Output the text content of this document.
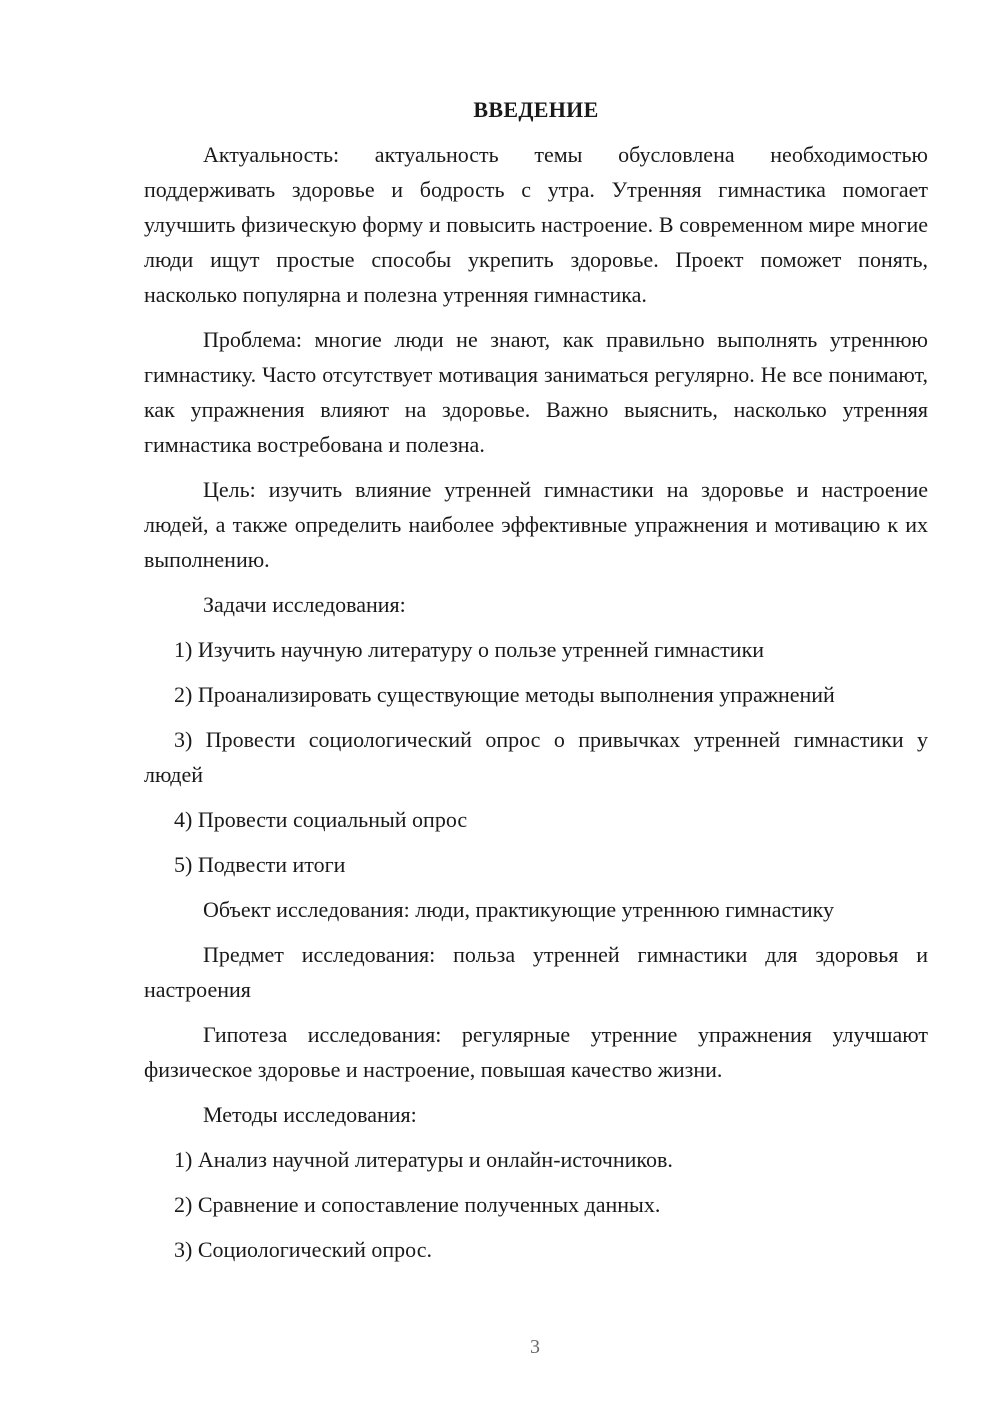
ВВЕДЕНИЕ

Актуальность: актуальность темы обусловлена необходимостью поддерживать здоровье и бодрость с утра. Утренняя гимнастика помогает улучшить физическую форму и повысить настроение. В современном мире многие люди ищут простые способы укрепить здоровье. Проект поможет понять, насколько популярна и полезна утренняя гимнастика.

Проблема: многие люди не знают, как правильно выполнять утреннюю гимнастику. Часто отсутствует мотивация заниматься регулярно. Не все понимают, как упражнения влияют на здоровье. Важно выяснить, насколько утренняя гимнастика востребована и полезна.

Цель: изучить влияние утренней гимнастики на здоровье и настроение людей, а также определить наиболее эффективные упражнения и мотивацию к их выполнению.

Задачи исследования:

1) Изучить научную литературу о пользе утренней гимнастики

2) Проанализировать существующие методы выполнения упражнений

3) Провести социологический опрос о привычках утренней гимнастики у людей

4) Провести социальный опрос

5) Подвести итоги

Объект исследования: люди, практикующие утреннюю гимнастику

Предмет исследования: польза утренней гимнастики для здоровья и настроения

Гипотеза исследования: регулярные утренние упражнения улучшают физическое здоровье и настроение, повышая качество жизни.

Методы исследования:

1) Анализ научной литературы и онлайн-источников.

2) Сравнение и сопоставление полученных данных.

3) Социологический опрос.

3
